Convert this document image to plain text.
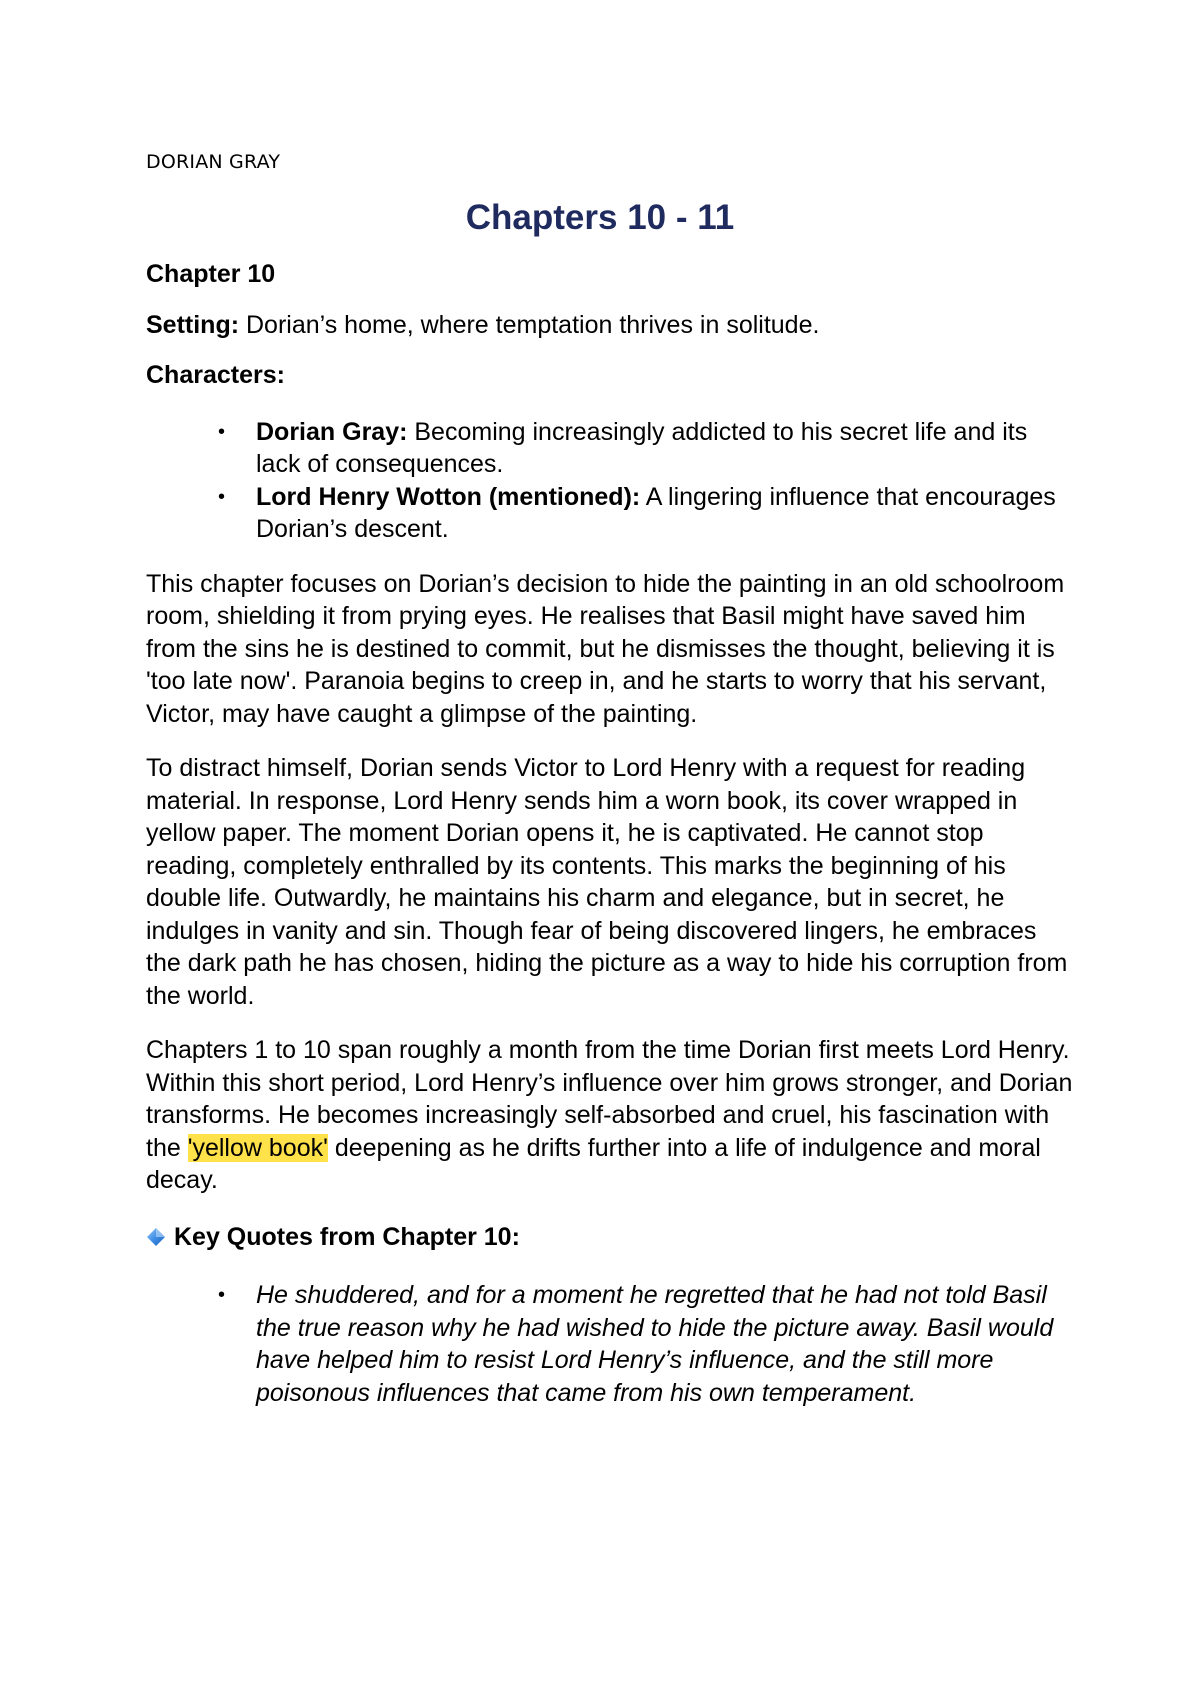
DORIAN GRAY
Chapters 10 - 11

Chapter 10

Setting: Dorian’s home, where temptation thrives in solitude.

Characters:

• Dorian Gray: Becoming increasingly addicted to his secret life and its lack of consequences.
• Lord Henry Wotton (mentioned): A lingering influence that encourages Dorian’s descent.

This chapter focuses on Dorian’s decision to hide the painting in an old schoolroom room, shielding it from prying eyes. He realises that Basil might have saved him from the sins he is destined to commit, but he dismisses the thought, believing it is 'too late now'. Paranoia begins to creep in, and he starts to worry that his servant, Victor, may have caught a glimpse of the painting.

To distract himself, Dorian sends Victor to Lord Henry with a request for reading material. In response, Lord Henry sends him a worn book, its cover wrapped in yellow paper. The moment Dorian opens it, he is captivated. He cannot stop reading, completely enthralled by its contents. This marks the beginning of his double life. Outwardly, he maintains his charm and elegance, but in secret, he indulges in vanity and sin. Though fear of being discovered lingers, he embraces the dark path he has chosen, hiding the picture as a way to hide his corruption from the world.

Chapters 1 to 10 span roughly a month from the time Dorian first meets Lord Henry. Within this short period, Lord Henry’s influence over him grows stronger, and Dorian transforms. He becomes increasingly self-absorbed and cruel, his fascination with the 'yellow book' deepening as he drifts further into a life of indulgence and moral decay.

Key Quotes from Chapter 10:

• He shuddered, and for a moment he regretted that he had not told Basil the true reason why he had wished to hide the picture away. Basil would have helped him to resist Lord Henry’s influence, and the still more poisonous influences that came from his own temperament.
